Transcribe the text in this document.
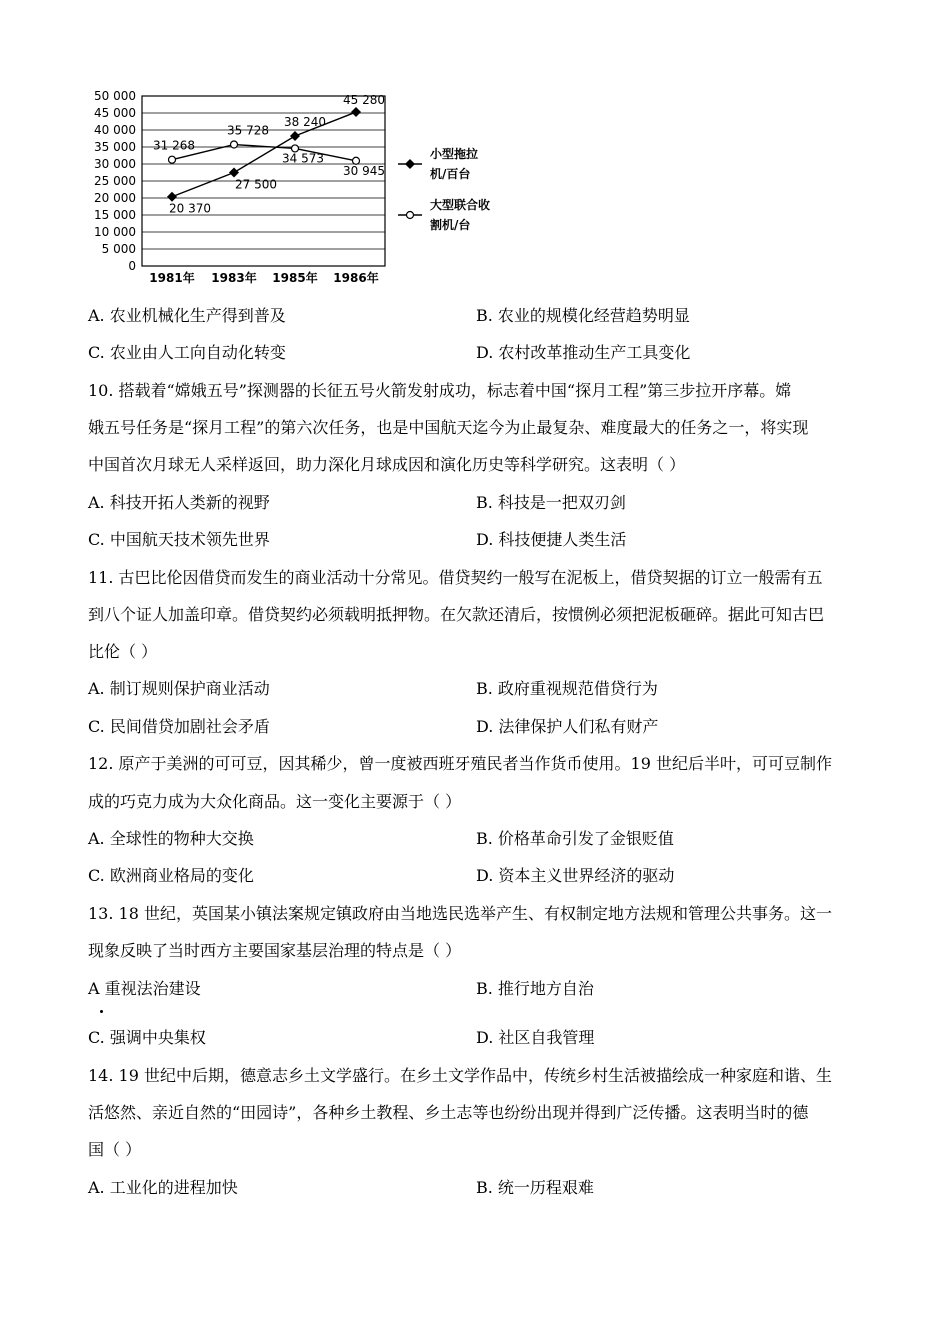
0
5 000
10 000
15 000
20 000
25 000
30 000
35 000
40 000
45 000
50 000
1981年 1983年 1985年 1986年
20 370
27 500
38 240
45 280
31 268
35 728
34 573
30 945
小型拖拉
机/百台
大型联合收
割机/台
A. 农业机械化生产得到普及	B. 农业的规模化经营趋势明显
C. 农业由人工向自动化转变	D. 农村改革推动生产工具变化
10. 搭载着“嫦娥五号”探测器的长征五号火箭发射成功，标志着中国“探月工程”第三步拉开序幕。嫦
娥五号任务是“探月工程”的第六次任务，也是中国航天迄今为止最复杂、难度最大的任务之一，将实现
中国首次月球无人采样返回，助力深化月球成因和演化历史等科学研究。这表明（ ）
A. 科技开拓人类新的视野	B. 科技是一把双刃剑
C. 中国航天技术领先世界	D. 科技便捷人类生活
11. 古巴比伦因借贷而发生的商业活动十分常见。借贷契约一般写在泥板上，借贷契据的订立一般需有五
到八个证人加盖印章。借贷契约必须载明抵押物。在欠款还清后，按惯例必须把泥板砸碎。据此可知古巴
比伦（ ）
A. 制订规则保护商业活动	B. 政府重视规范借贷行为
C. 民间借贷加剧社会矛盾	D. 法律保护人们私有财产
12. 原产于美洲的可可豆，因其稀少，曾一度被西班牙殖民者当作货币使用。19 世纪后半叶，可可豆制作
成的巧克力成为大众化商品。这一变化主要源于（ ）
A. 全球性的物种大交换	B. 价格革命引发了金银贬值
C. 欧洲商业格局的变化	D. 资本主义世界经济的驱动
13. 18 世纪，英国某小镇法案规定镇政府由当地选民选举产生、有权制定地方法规和管理公共事务。这一
现象反映了当时西方主要国家基层治理的特点是（ ）
A 重视法治建设	B. 推行地方自治
C. 强调中央集权	D. 社区自我管理
14. 19 世纪中后期，德意志乡土文学盛行。在乡土文学作品中，传统乡村生活被描绘成一种家庭和谐、生
活悠然、亲近自然的“田园诗”，各种乡土教程、乡土志等也纷纷出现并得到广泛传播。这表明当时的德
国（ ）
A. 工业化的进程加快	B. 统一历程艰难
